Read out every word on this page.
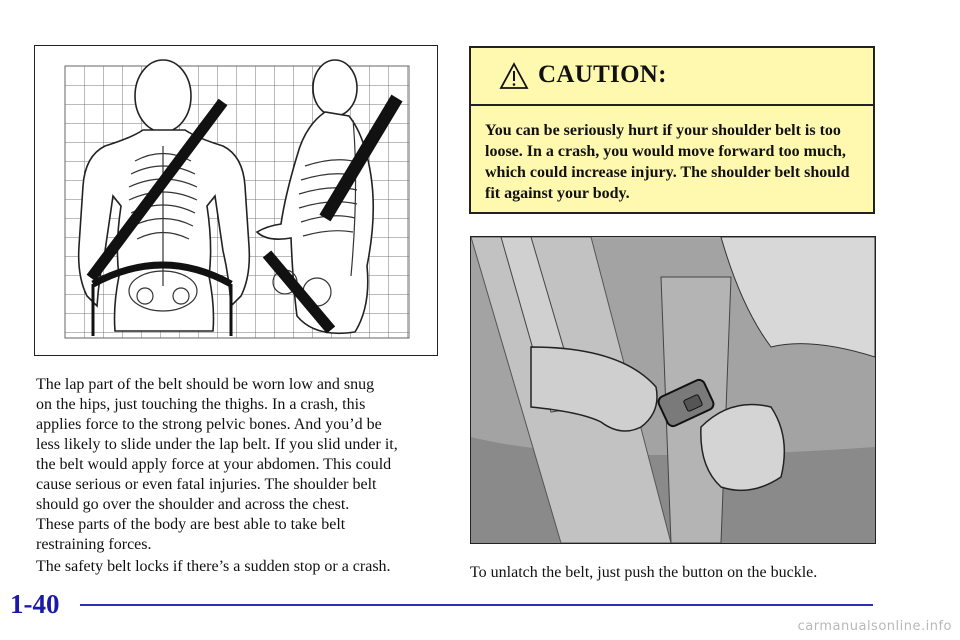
CAUTION:
You can be seriously hurt if your shoulder belt is too loose. In a crash, you would move forward too much, which could increase injury. The shoulder belt should fit against your body.

The lap part of the belt should be worn low and snug
on the hips, just touching the thighs. In a crash, this
applies force to the strong pelvic bones. And you’d be
less likely to slide under the lap belt. If you slid under it,
the belt would apply force at your abdomen. This could
cause serious or even fatal injuries. The shoulder belt
should go over the shoulder and across the chest.
These parts of the body are best able to take belt
restraining forces.

The safety belt locks if there’s a sudden stop or a crash.	To unlatch the belt, just push the button on the buckle.

1-40
carmanualsonline.info
